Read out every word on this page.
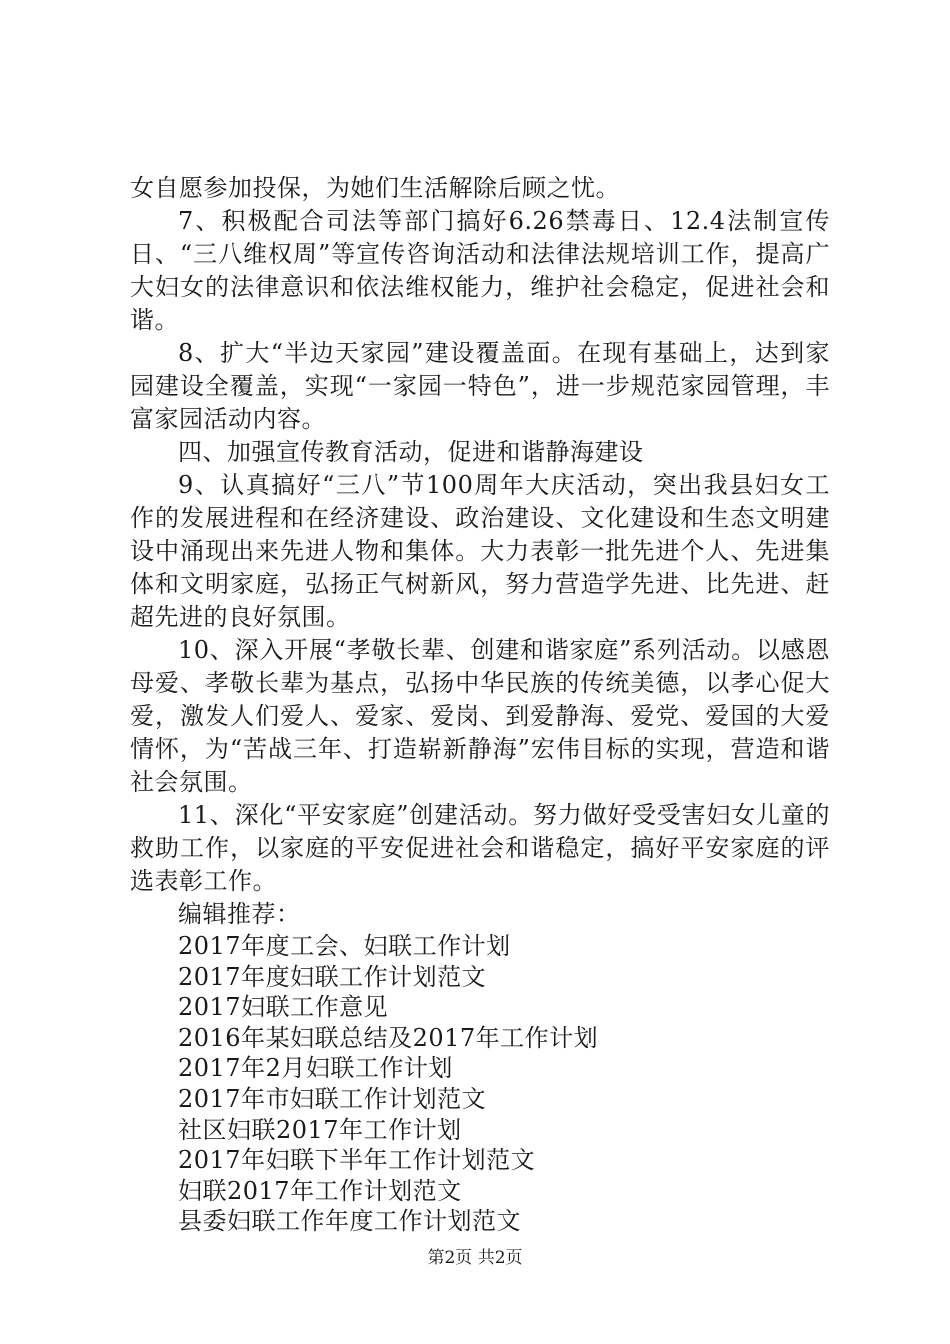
女自愿参加投保，为她们生活解除后顾之忧。

7、积极配合司法等部门搞好6.26禁毒日、12.4法制宣传日、“三八维权周”等宣传咨询活动和法律法规培训工作，提高广大妇女的法律意识和依法维权能力，维护社会稳定，促进社会和谐。

8、扩大“半边天家园”建设覆盖面。在现有基础上，达到家园建设全覆盖，实现“一家园一特色”，进一步规范家园管理，丰富家园活动内容。

四、加强宣传教育活动，促进和谐静海建设

9、认真搞好“三八”节100周年大庆活动，突出我县妇女工作的发展进程和在经济建设、政治建设、文化建设和生态文明建设中涌现出来先进人物和集体。大力表彰一批先进个人、先进集体和文明家庭，弘扬正气树新风，努力营造学先进、比先进、赶超先进的良好氛围。

10、深入开展“孝敬长辈、创建和谐家庭”系列活动。以感恩母爱、孝敬长辈为基点，弘扬中华民族的传统美德，以孝心促大爱，激发人们爱人、爱家、爱岗、到爱静海、爱党、爱国的大爱情怀，为“苦战三年、打造崭新静海”宏伟目标的实现，营造和谐社会氛围。

11、深化“平安家庭”创建活动。努力做好受受害妇女儿童的救助工作，以家庭的平安促进社会和谐稳定，搞好平安家庭的评选表彰工作。

编辑推荐：

2017年度工会、妇联工作计划
2017年度妇联工作计划范文
2017妇联工作意见
2016年某妇联总结及2017年工作计划
2017年2月妇联工作计划
2017年市妇联工作计划范文
社区妇联2017年工作计划
2017年妇联下半年工作计划范文
妇联2017年工作计划范文
县委妇联工作年度工作计划范文
第2页 共2页
